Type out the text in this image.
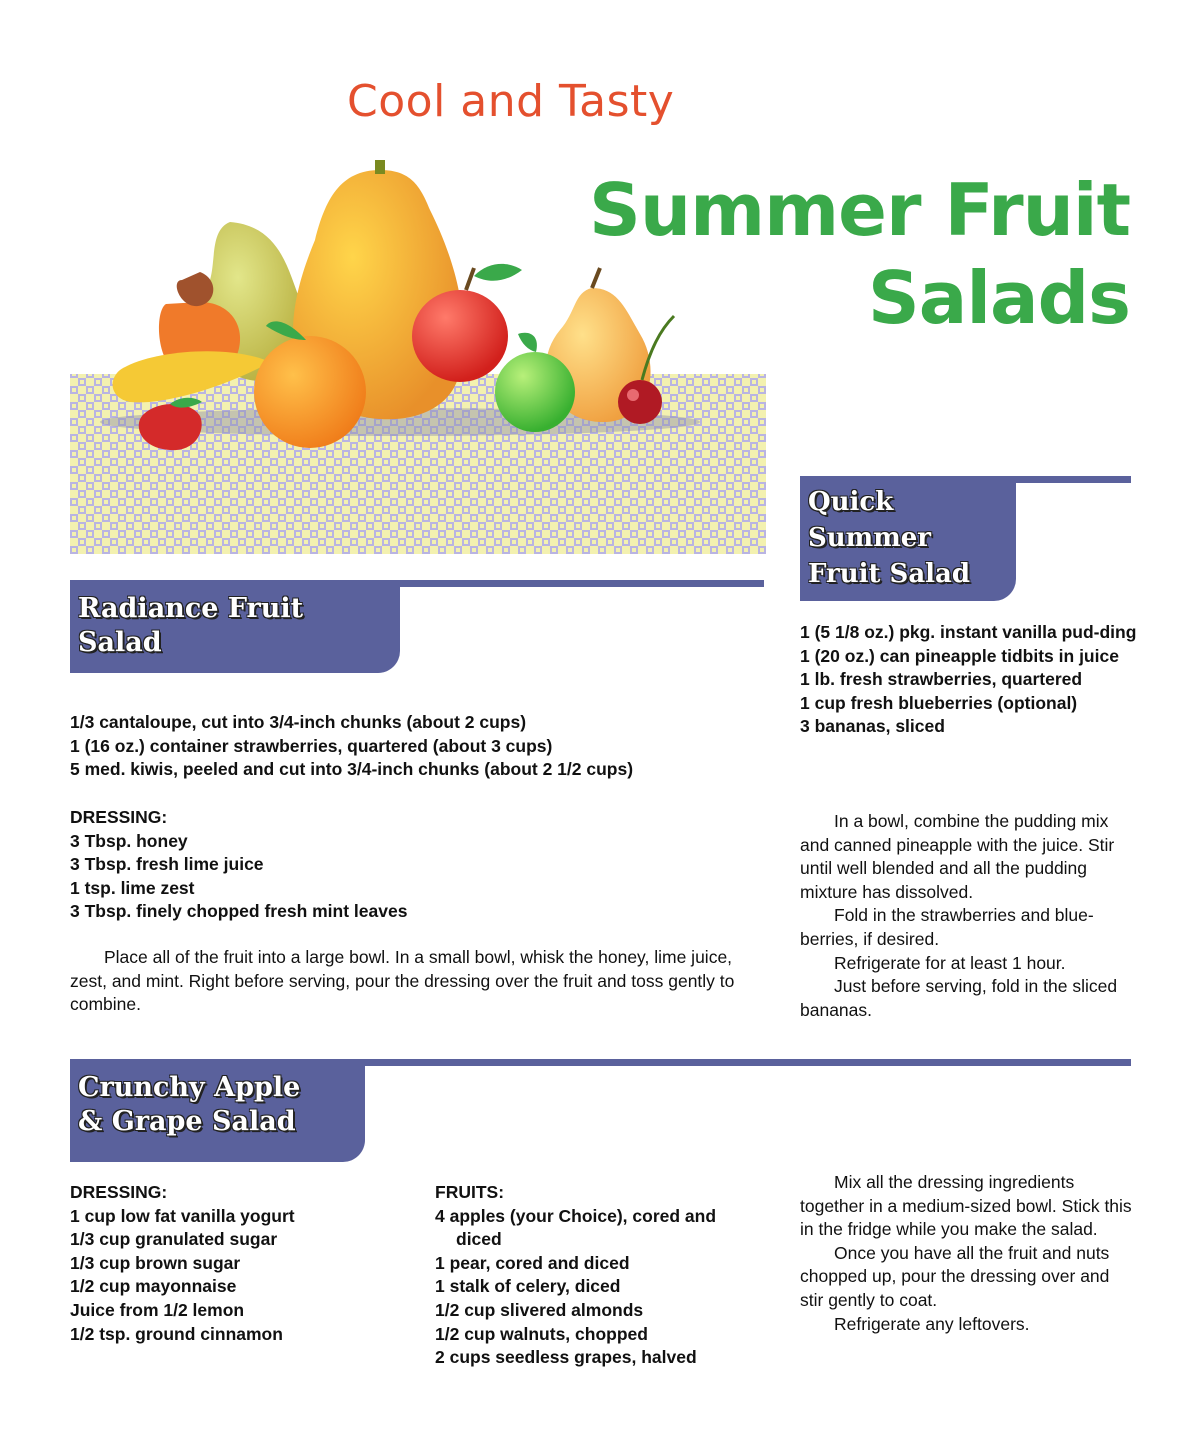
Cool and Tasty
Summer Fruit
Salads
Radiance Fruit
Salad
1/3 cantaloupe, cut into 3/4-inch chunks (about 2 cups)
1 (16 oz.) container strawberries, quartered (about 3 cups)
5 med. kiwis, peeled and cut into 3/4-inch chunks (about 2 1/2 cups)
DRESSING:
3 Tbsp. honey
3 Tbsp. fresh lime juice
1 tsp. lime zest
3 Tbsp. finely chopped fresh mint leaves

Place all of the fruit into a large bowl. In a small bowl, whisk the honey, lime juice, zest, and mint. Right before serving, pour the dressing over the fruit and toss gently to combine.

Quick
Summer
Fruit Salad
1 (5 1/8 oz.) pkg. instant vanilla pud-ding
1 (20 oz.) can pineapple tidbits in juice
1 lb. fresh strawberries, quartered
1 cup fresh blueberries (optional)
3 bananas, sliced

In a bowl, combine the pudding mix and canned pineapple with the juice. Stir until well blended and all the pudding mixture has dissolved.

Fold in the strawberries and blue-berries, if desired.

Refrigerate for at least 1 hour.

Just before serving, fold in the sliced bananas.

Crunchy Apple
& Grape Salad
DRESSING:
1 cup low fat vanilla yogurt
1/3 cup granulated sugar
1/3 cup brown sugar
1/2 cup mayonnaise
Juice from 1/2 lemon
1/2 tsp. ground cinnamon
FRUITS:
4 apples (your Choice), cored and diced
1 pear, cored and diced
1 stalk of celery, diced
1/2 cup slivered almonds
1/2 cup walnuts, chopped
2 cups seedless grapes, halved

Mix all the dressing ingredients together in a medium-sized bowl. Stick this in the fridge while you make the salad.

Once you have all the fruit and nuts chopped up, pour the dressing over and stir gently to coat.

Refrigerate any leftovers.
